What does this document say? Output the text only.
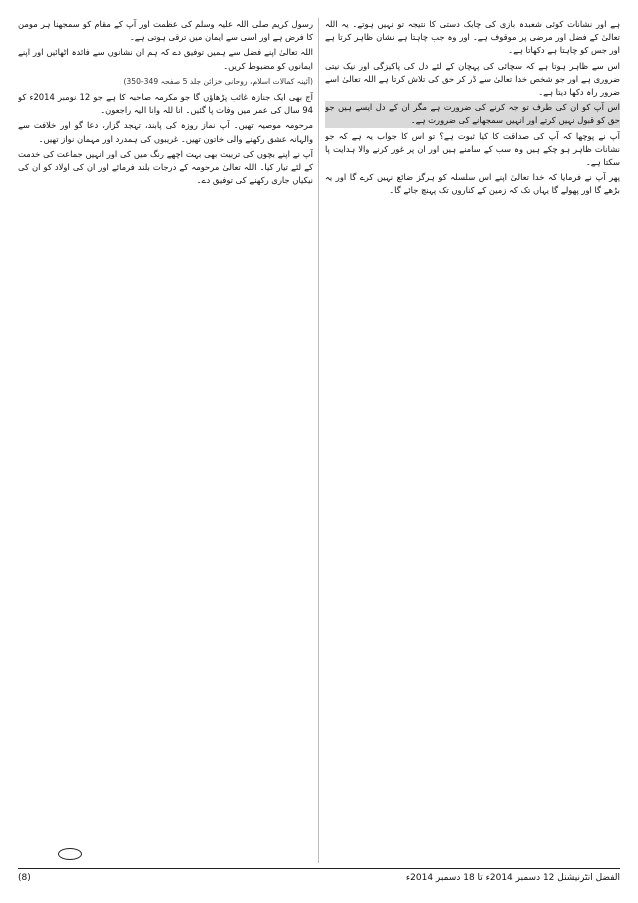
ہے اور نشانات کوئی شعبدہ بازی کی چابک دستی کا نتیجہ تو نہیں ہوتے۔ یہ اللہ تعالیٰ کے فضل اور مرضی پر موقوف ہے۔ اور وہ جب چاہتا ہے نشان ظاہر کرتا ہے اور جس کو چاہتا ہے دکھاتا ہے۔

اس سے ظاہر ہوتا ہے کہ سچائی کی پہچان کے لئے دل کی پاکیزگی اور نیک نیتی ضروری ہے اور جو شخص خدا تعالیٰ سے ڈر کر حق کی تلاش کرتا ہے اللہ تعالیٰ اسے ضرور راہ دکھا دیتا ہے۔

اس آپ کو ان کی طرف تو جہ کرنے کی ضرورت ہے مگر ان کے دل ایسے ہیں جو حق کو قبول نہیں کرتے اور انہیں سمجھانے کی ضرورت ہے۔

آپ نے پوچھا کہ آپ کی صداقت کا کیا ثبوت ہے؟ تو اس کا جواب یہ ہے کہ جو نشانات ظاہر ہو چکے ہیں وہ سب کے سامنے ہیں اور ان پر غور کرنے والا ہدایت پا سکتا ہے۔

پھر آپ نے فرمایا کہ خدا تعالیٰ اپنے اس سلسلہ کو ہرگز ضائع نہیں کرے گا اور یہ بڑھے گا اور پھولے گا یہاں تک کہ زمین کے کناروں تک پہنچ جائے گا۔

رسول کریم صلی اللہ علیہ وسلم کی عظمت اور آپ کے مقام کو سمجھنا ہر مومن کا فرض ہے اور اسی سے ایمان میں ترقی ہوتی ہے۔

اللہ تعالیٰ اپنے فضل سے ہمیں توفیق دے کہ ہم ان نشانوں سے فائدہ اٹھائیں اور اپنے ایمانوں کو مضبوط کریں۔

(آئینہ کمالات اسلام، روحانی خزائن جلد 5 صفحہ 349-350)

آج بھی ایک جنازہ غائب پڑھاؤں گا جو مکرمہ صاحبہ کا ہے جو 12 نومبر 2014ء کو 94 سال کی عمر میں وفات پا گئیں۔ انا للہ وانا الیہ راجعون۔

مرحومہ موصیہ تھیں۔ آپ نماز روزہ کی پابند، تہجد گزار، دعا گو اور خلافت سے والہانہ عشق رکھنے والی خاتون تھیں۔ غریبوں کی ہمدرد اور مہمان نواز تھیں۔

آپ نے اپنے بچوں کی تربیت بھی بہت اچھے رنگ میں کی اور انہیں جماعت کی خدمت کے لئے تیار کیا۔ اللہ تعالیٰ مرحومہ کے درجات بلند فرمائے اور ان کی اولاد کو ان کی نیکیاں جاری رکھنے کی توفیق دے۔

الفضل انٹرنیشنل 12 دسمبر 2014ء تا 18 دسمبر 2014ء
(8)
